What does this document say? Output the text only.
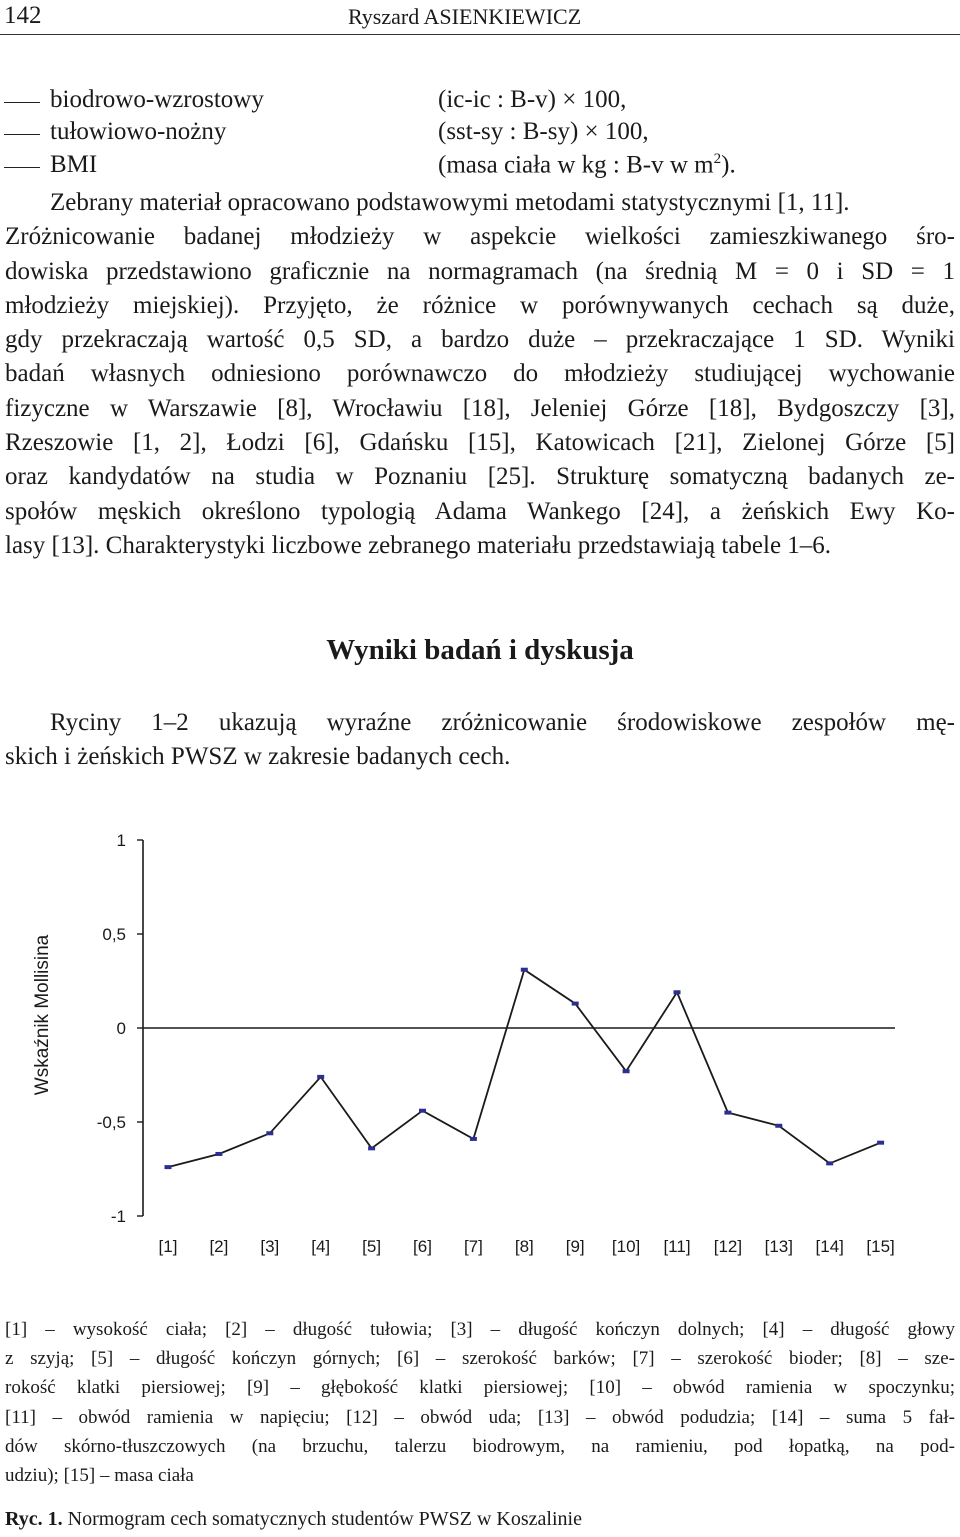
142	Ryszard ASIENKIEWICZ
biodrowo-wzrostowy	(ic-ic : B-v) × 100,
tułowiowo-nożny	(sst-sy : B-sy) × 100,
BMI	(masa ciała w kg : B-v w $m^2$).
Zebrany materiał opracowano podstawowymi metodami statystycznymi [1, 11].
Zróżnicowanie badanej młodzieży w aspekcie wielkości zamieszkiwanego śro-
dowiska przedstawiono graficznie na normagramach (na średnią M = 0 i SD = 1
młodzieży miejskiej). Przyjęto, że różnice w porównywanych cechach są duże,
gdy przekraczają wartość 0,5 SD, a bardzo duże – przekraczające 1 SD. Wyniki
badań własnych odniesiono porównawczo do młodzieży studiującej wychowanie
fizyczne w Warszawie [8], Wrocławiu [18], Jeleniej Górze [18], Bydgoszczy [3],
Rzeszowie [1, 2], Łodzi [6], Gdańsku [15], Katowicach [21], Zielonej Górze [5]
oraz kandydatów na studia w Poznaniu [25]. Strukturę somatyczną badanych ze-
społów męskich określono typologią Adama Wankego [24], a żeńskich Ewy Ko-
lasy [13]. Charakterystyki liczbowe zebranego materiału przedstawiają tabele 1–6.
Wyniki badań i dyskusja
Ryciny 1–2 ukazują wyraźne zróżnicowanie środowiskowe zespołów mę-
skich i żeńskich PWSZ w zakresie badanych cech.
1
0,5
0
-0,5
-1
[1] [2] [3] [4] [5] [6] [7] [8] [9] [10] [11] [12] [13] [14] [15]
Wskaźnik Mollisina
[1] – wysokość ciała; [2] – długość tułowia; [3] – długość kończyn dolnych; [4] – długość głowy
z szyją; [5] – długość kończyn górnych; [6] – szerokość barków; [7] – szerokość bioder; [8] – sze-
rokość klatki piersiowej; [9] – głębokość klatki piersiowej; [10] – obwód ramienia w spoczynku;
[11] – obwód ramienia w napięciu; [12] – obwód uda; [13] – obwód podudzia; [14] – suma 5 fał-
dów skórno-tłuszczowych (na brzuchu, talerzu biodrowym, na ramieniu, pod łopatką, na pod-
udziu); [15] – masa ciała
Ryc. 1. Normogram cech somatycznych studentów PWSZ w Koszalinie
